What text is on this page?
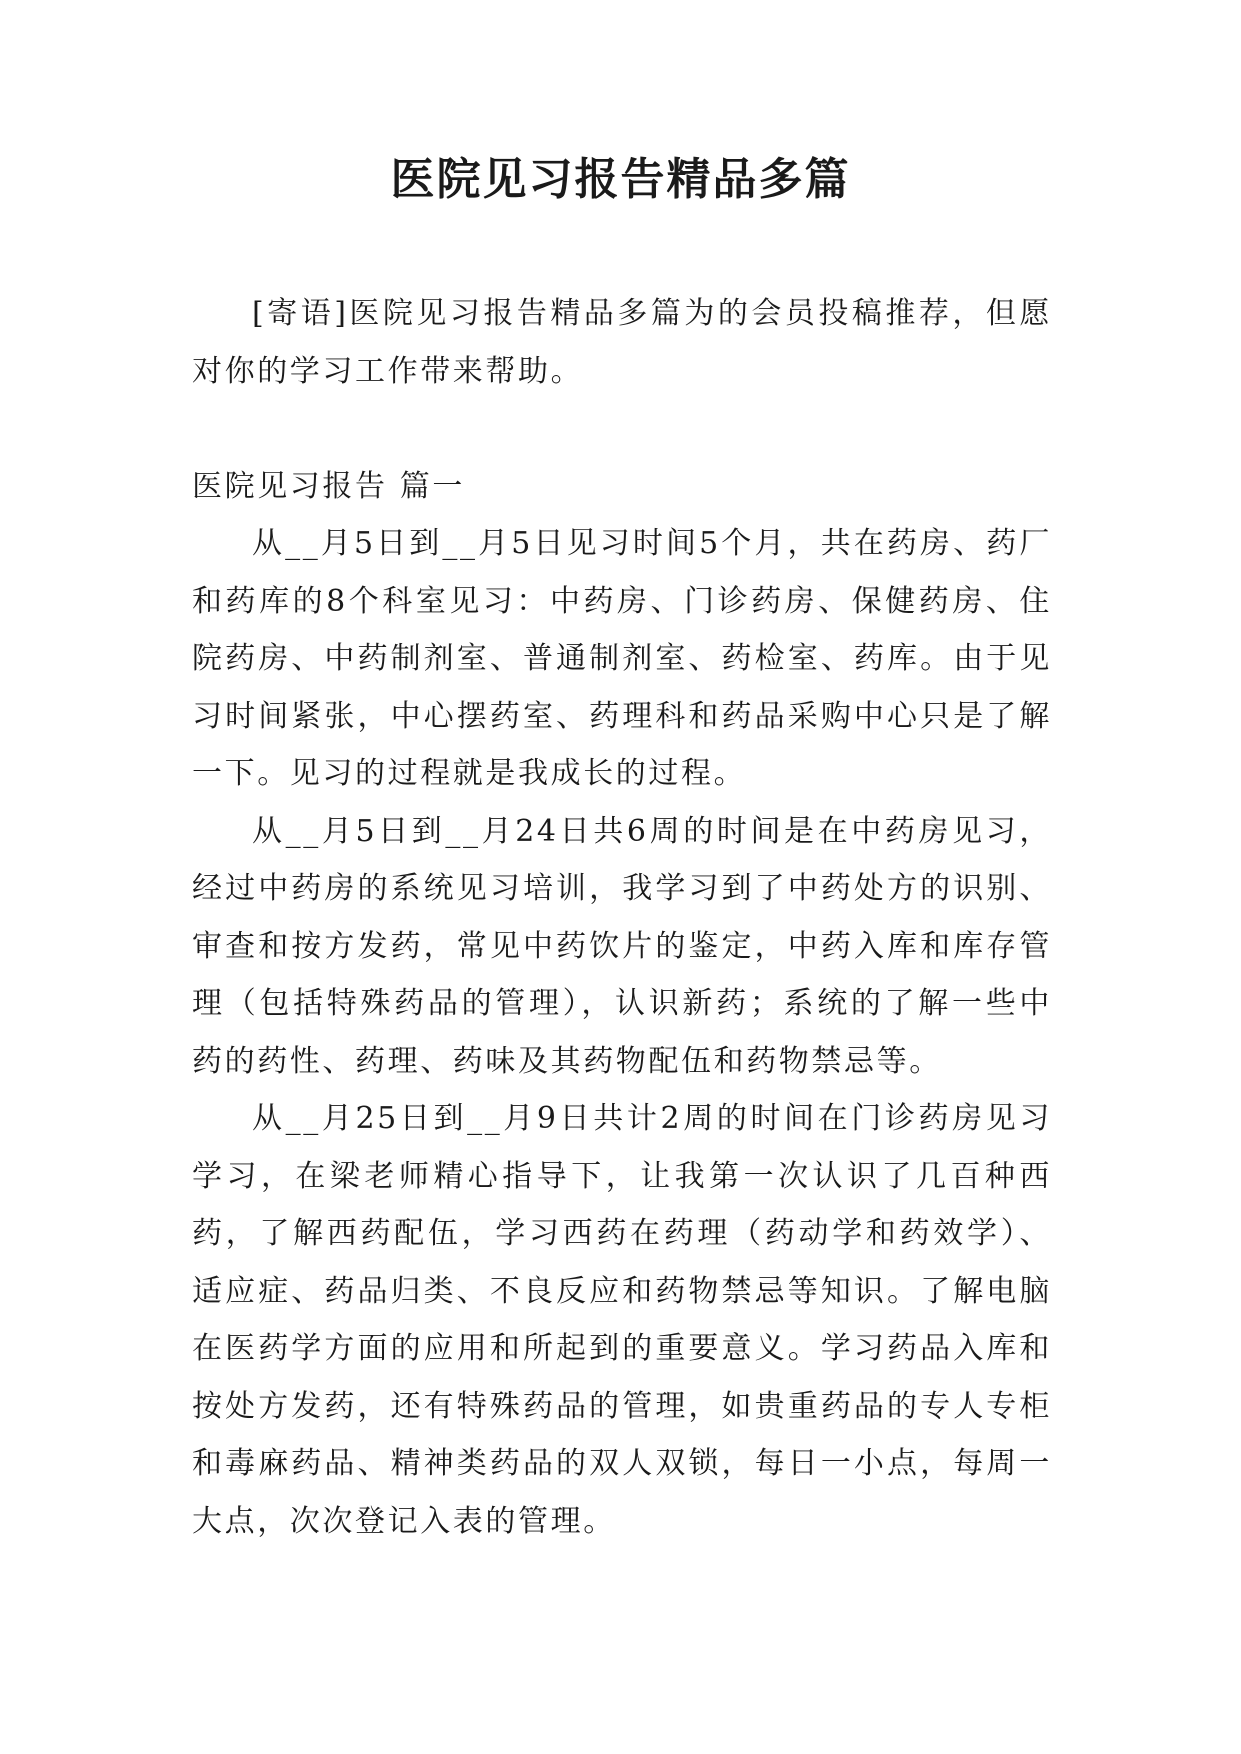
医院见习报告精品多篇

[寄语]医院见习报告精品多篇为的会员投稿推荐，但愿对你的学习工作带来帮助。

医院见习报告 篇一

从__月5日到__月5日见习时间5个月，共在药房、药厂和药库的8个科室见习：中药房、门诊药房、保健药房、住院药房、中药制剂室、普通制剂室、药检室、药库。由于见习时间紧张，中心摆药室、药理科和药品采购中心只是了解一下。见习的过程就是我成长的过程。

从__月5日到__月24日共6周的时间是在中药房见习，经过中药房的系统见习培训，我学习到了中药处方的识别、审查和按方发药，常见中药饮片的鉴定，中药入库和库存管理（包括特殊药品的管理），认识新药；系统的了解一些中药的药性、药理、药味及其药物配伍和药物禁忌等。

从__月25日到__月9日共计2周的时间在门诊药房见习学习，在梁老师精心指导下，让我第一次认识了几百种西药，了解西药配伍，学习西药在药理（药动学和药效学）、适应症、药品归类、不良反应和药物禁忌等知识。了解电脑在医药学方面的应用和所起到的重要意义。学习药品入库和按处方发药，还有特殊药品的管理，如贵重药品的专人专柜和毒麻药品、精神类药品的双人双锁，每日一小点，每周一大点，次次登记入表的管理。
